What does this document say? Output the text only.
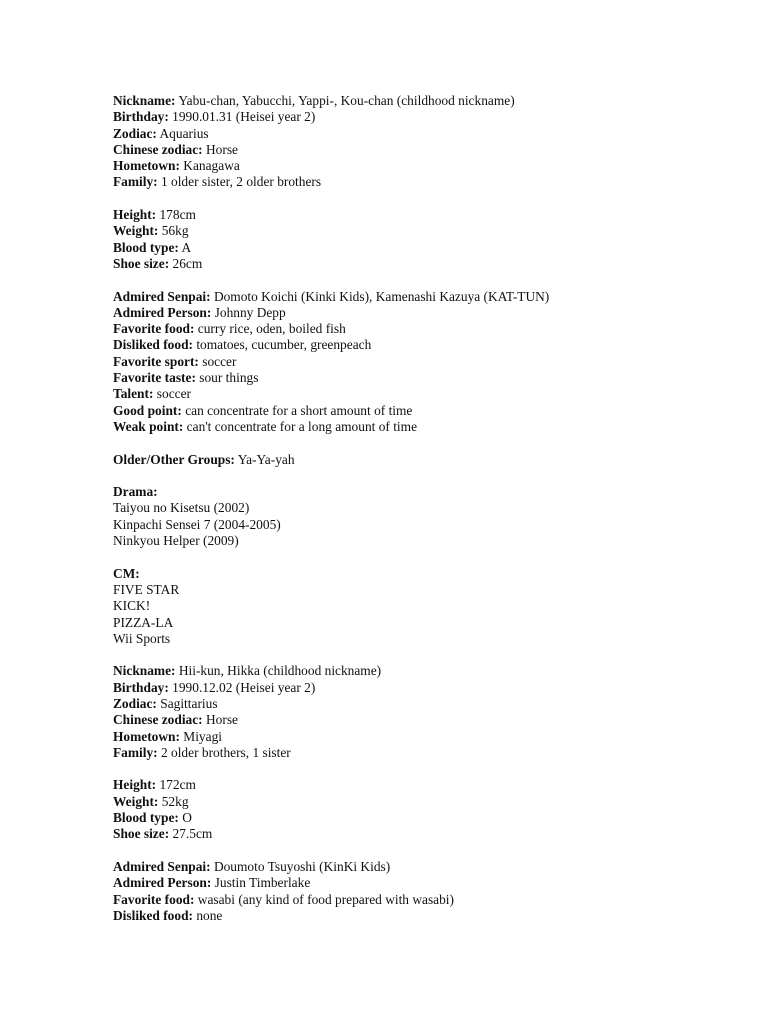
Nickname: Yabu-chan, Yabucchi, Yappi-, Kou-chan (childhood nickname)
Birthday: 1990.01.31 (Heisei year 2)
Zodiac: Aquarius
Chinese zodiac: Horse
Hometown: Kanagawa
Family: 1 older sister, 2 older brothers
Height: 178cm
Weight: 56kg
Blood type: A
Shoe size: 26cm
Admired Senpai: Domoto Koichi (Kinki Kids), Kamenashi Kazuya (KAT-TUN)
Admired Person: Johnny Depp
Favorite food: curry rice, oden, boiled fish
Disliked food: tomatoes, cucumber, greenpeach
Favorite sport: soccer
Favorite taste: sour things
Talent: soccer
Good point: can concentrate for a short amount of time
Weak point: can't concentrate for a long amount of time
Older/Other Groups: Ya-Ya-yah
Drama:
Taiyou no Kisetsu (2002)
Kinpachi Sensei 7 (2004-2005)
Ninkyou Helper (2009)
CM:
FIVE STAR
KICK!
PIZZA-LA
Wii Sports
Nickname: Hii-kun, Hikka (childhood nickname)
Birthday: 1990.12.02 (Heisei year 2)
Zodiac: Sagittarius
Chinese zodiac: Horse
Hometown: Miyagi
Family: 2 older brothers, 1 sister
Height: 172cm
Weight: 52kg
Blood type: O
Shoe size: 27.5cm
Admired Senpai: Doumoto Tsuyoshi (KinKi Kids)
Admired Person: Justin Timberlake
Favorite food: wasabi (any kind of food prepared with wasabi)
Disliked food: none
